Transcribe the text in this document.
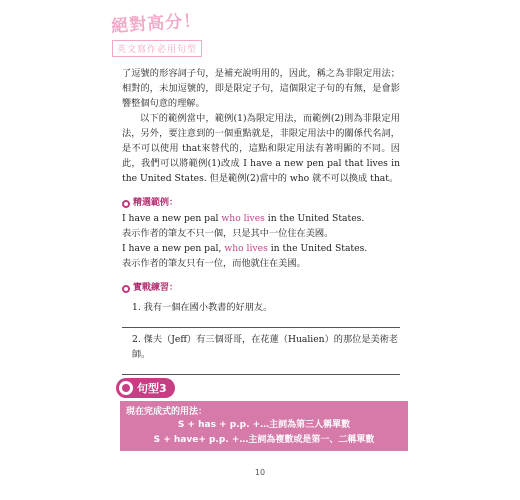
絕對高分！
英文寫作必用句型

了逗號的形容詞子句，是補充說明用的，因此，稱之為非限定用法；相對的，未加逗號的，即是限定子句，這個限定子句的有無，是會影響整個句意的理解。

以下的範例當中，範例(1)為限定用法，而範例(2)則為非限定用法，另外，要注意到的一個重點就是，非限定用法中的關係代名詞，是不可以使用 that來替代的，這點和限定用法有著明顯的不同。因此，我們可以將範例(1)改成 I have a new pen pal that lives in the United States. 但是範例(2)當中的 who 就不可以換成 that。

精選範例：

I have a new pen pal who lives in the United States.

表示作者的筆友不只一個，只是其中一位住在美國。

I have a new pen pal, who lives in the United States.

表示作者的筆友只有一位，而他就住在美國。

實戰練習：

1. 我有一個在國小教書的好朋友。

2. 傑夫（Jeff）有三個哥哥，在花蓮（Hualien）的那位是美術老師。

句型3
現在完成式的用法：
S + has + p.p. +…主詞為第三人稱單數
S + have+ p.p. +…主詞為複數或是第一、二稱單數
10
